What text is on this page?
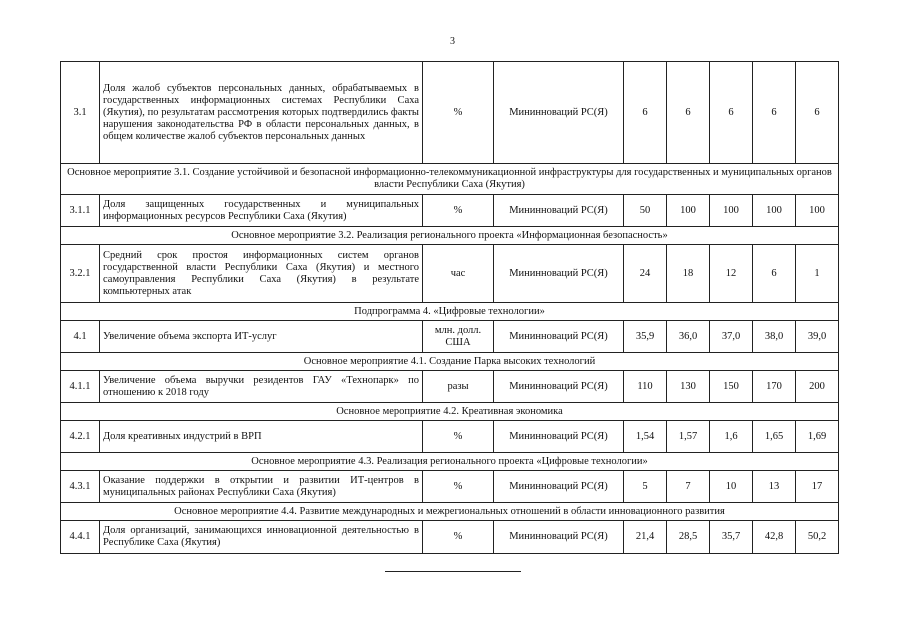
3
3.1	Доля жалоб субъектов персональных данных, обрабатываемых в государственных информационных системах Республики Саха (Якутия), по результатам рассмотрения которых подтвердились факты нарушения законодательства РФ в области персональных данных, в общем количестве жалоб субъектов персональных данных	%	Мининноваций РС(Я)	6	6	6	6	6
Основное мероприятие 3.1. Создание устойчивой и безопасной информационно-телекоммуникационной инфраструктуры для государственных и муниципальных органов власти Республики Саха (Якутия)								
3.1.1	Доля защищенных государственных и муниципальных информационных ресурсов Республики Саха (Якутия)	%	Мининноваций РС(Я)	50	100	100	100	100
Основное мероприятие 3.2. Реализация регионального проекта «Информационная безопасность»								
3.2.1	Средний срок простоя информационных систем органов государственной власти Республики Саха (Якутия) и местного самоуправления Республики Саха (Якутия) в результате компьютерных атак	час	Мининноваций РС(Я)	24	18	12	6	1
Подпрограмма 4. «Цифровые технологии»								
4.1	Увеличение объема экспорта ИТ-услуг	млн. долл. США	Мининноваций РС(Я)	35,9	36,0	37,0	38,0	39,0
Основное мероприятие 4.1. Создание Парка высоких технологий								
4.1.1	Увеличение объема выручки резидентов ГАУ «Технопарк» по отношению к 2018 году	разы	Мининноваций РС(Я)	110	130	150	170	200
Основное мероприятие 4.2. Креативная экономика								
4.2.1	Доля креативных индустрий в ВРП	%	Мининноваций РС(Я)	1,54	1,57	1,6	1,65	1,69
Основное мероприятие 4.3. Реализация регионального проекта «Цифровые технологии»								
4.3.1	Оказание поддержки в открытии и развитии ИТ-центров в муниципальных районах Республики Саха (Якутия)	%	Мининноваций РС(Я)	5	7	10	13	17
Основное мероприятие 4.4. Развитие международных и межрегиональных отношений в области инновационного развития								
4.4.1	Доля организаций, занимающихся инновационной деятельностью в Республике Саха (Якутия)	%	Мининноваций РС(Я)	21,4	28,5	35,7	42,8	50,2
